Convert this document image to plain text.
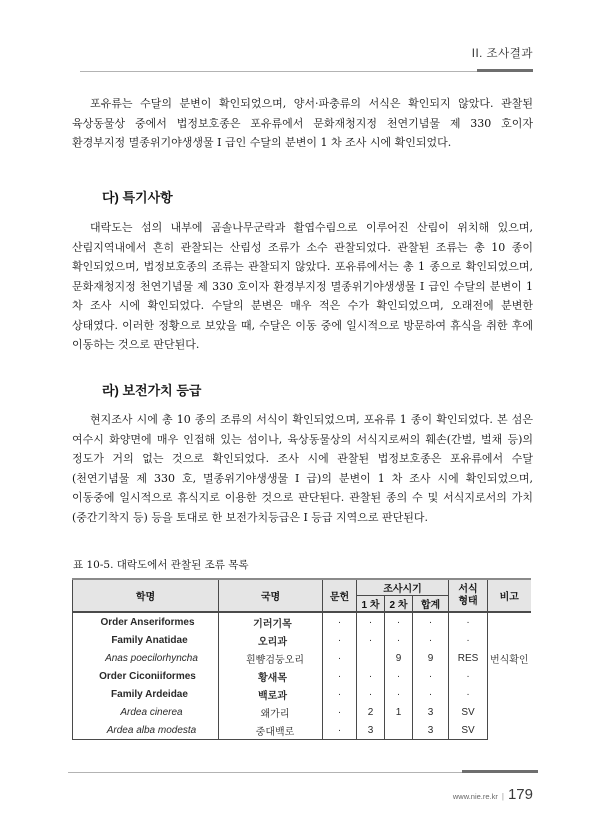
II. 조사결과
포유류는 수달의 분변이 확인되었으며, 양서·파충류의 서식은 확인되지 않았다. 관찰된 육상동물상 중에서 법정보호종은 포유류에서 문화재청지정 천연기념물 제 330 호이자 환경부지정 멸종위기야생생물 I 급인 수달의 분변이 1 차 조사 시에 확인되었다.
다) 특기사항
대락도는 섬의 내부에 곰솔나무군락과 활엽수림으로 이루어진 산림이 위치해 있으며, 산림지역내에서 흔히 관찰되는 산림성 조류가 소수 관찰되었다. 관찰된 조류는 총 10 종이 확인되었으며, 법정보호종의 조류는 관찰되지 않았다. 포유류에서는 총 1 종으로 확인되었으며, 문화재청지정 천연기념물 제 330 호이자 환경부지정 멸종위기야생생물 I 급인 수달의 분변이 1 차 조사 시에 확인되었다. 수달의 분변은 매우 적은 수가 확인되었으며, 오래전에 분변한 상태였다. 이러한 정황으로 보았을 때, 수달은 이동 중에 일시적으로 방문하여 휴식을 취한 후에 이동하는 것으로 판단된다.
라) 보전가치 등급
현지조사 시에 총 10 종의 조류의 서식이 확인되었으며, 포유류 1 종이 확인되었다. 본 섬은 여수시 화양면에 매우 인접해 있는 섬이나, 육상동물상의 서식지로써의 훼손(간벌, 벌채 등)의 정도가 거의 없는 것으로 확인되었다. 조사 시에 관찰된 법정보호종은 포유류에서 수달(천연기념물 제 330 호, 멸종위기야생생물 I 급)의 분변이 1 차 조사 시에 확인되었으며, 이동중에 일시적으로 휴식지로 이용한 것으로 판단된다. 관찰된 종의 수 및 서식지로서의 가치(중간기착지 등) 등을 토대로 한 보전가치등급은 I 등급 지역으로 판단된다.
표 10-5. 대락도에서 관찰된 조류 목록
학명	국명	문헌	조사시기			서식
형태	비고
			1 차	2 차	합계		
Order Anseriformes	기러기목	·	·	·	·	·	
Family Anatidae	오리과	·	·	·	·	·	
Anas poecilorhyncha	흰뺨검둥오리	·		9	9	RES	번식확인
Order Ciconiiformes	황새목	·	·	·	·	·	
Family Ardeidae	백로과	·	·	·	·	·	
Ardea cinerea	왜가리	·	2	1	3	SV	
Ardea alba modesta	중대백로	·	3		3	SV	
www.nie.re.kr | 179
